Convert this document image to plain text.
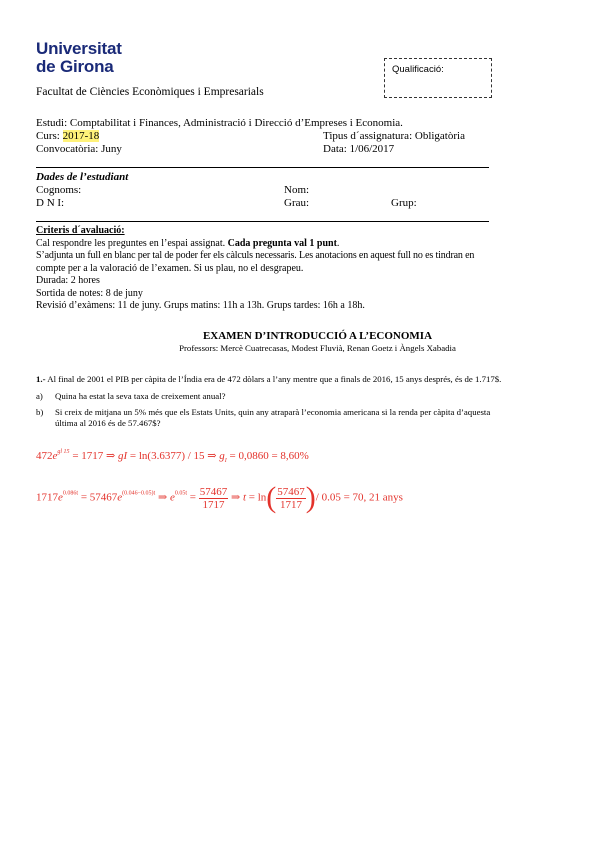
Universitat
de Girona
Facultat de Ciències Econòmiques i Empresarials
Qualificació:
Estudi: Comptabilitat i Finances, Administració i Direcció d’Empreses i Economia.
Curs: 2017-18	Tipus d´assignatura: Obligatòria
Convocatòria: Juny	Data: 1/06/2017
Dades de l’estudiant
Cognoms:	Nom:
D N I:	Grau:	Grup:
Criteris d´avaluació:
Cal respondre les preguntes en l’espai assignat. Cada pregunta val 1 punt.
S’adjunta un full en blanc per tal de poder fer els càlculs necessaris. Les anotacions en aquest full no es tindran en
compte per a la valoració de l’examen. Si us plau, no el desgrapeu.
Durada: 2 hores
Sortida de notes: 8 de juny
Revisió d’exàmens: 11 de juny. Grups matins: 11h a 13h. Grups tardes: 16h a 18h.
EXAMEN D’INTRODUCCIÓ A L’ECONOMIA
Professors: Mercè Cuatrecasas, Modest Fluvià, Renan Goetz i Àngels Xabadia
1.- Al final de 2001 el PIB per càpita de l’Índia era de 472 dòlars a l’any mentre que a finals de 2016, 15 anys després, és de 1.717$.
a) Quina ha estat la seva taxa de creixement anual?
b) Si creix de mitjana un 5% més que els Estats Units, quin any atraparà l’economia americana si la renda per càpita d’aquesta
última al 2016 és de 57.467$?
$472e^{gl 15} = 1717$ ⇒ gI = ln(3.6377) / 15 ⇒ $g_I = 0,0860 = 8,60\%$
$1717e^{0.086t} = 57467e^{(0.046-0.05)t}$ ⇒ $e^{0.05t} = \frac{57467}{1717}$ ⇒ $t = \ln( \frac{57467}{1717}$ )/ 0.05 = 70, 21 anys
